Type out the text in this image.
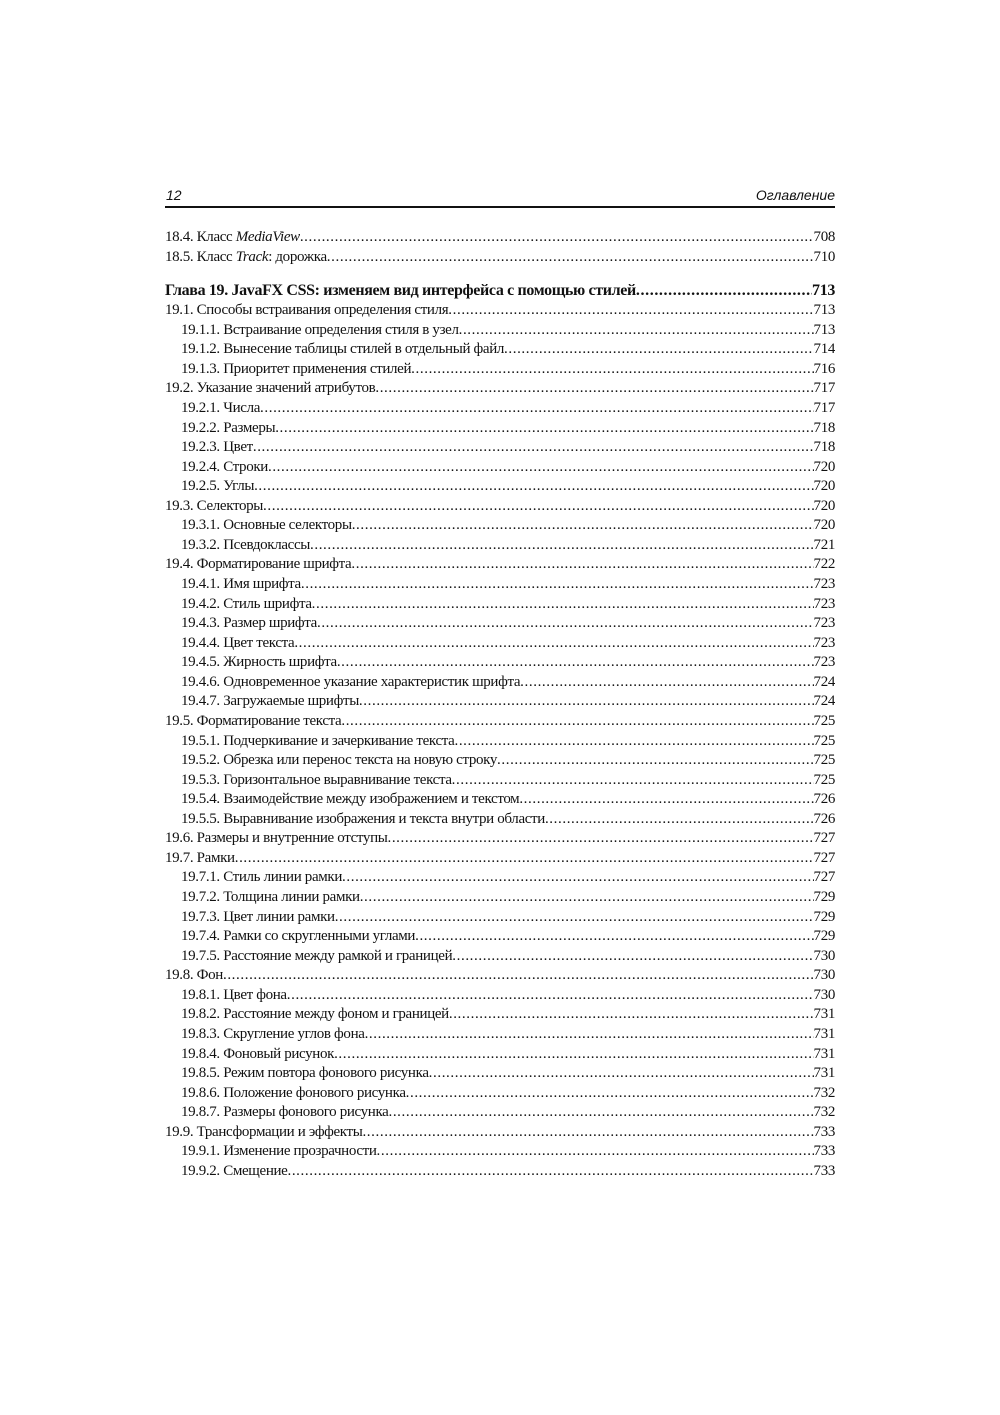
12	Оглавление
18.4. Класс MediaView .....	708
18.5. Класс Track: дорожка .....	710
Глава 19. JavaFX CSS: изменяем вид интерфейса с помощью стилей .....	713
19.1. Способы встраивания определения стиля .....	713
19.1.1. Встраивание определения стиля в узел .....	713
19.1.2. Вынесение таблицы стилей в отдельный файл .....	714
19.1.3. Приоритет применения стилей .....	716
19.2. Указание значений атрибутов .....	717
19.2.1. Числа .....	717
19.2.2. Размеры .....	718
19.2.3. Цвет .....	718
19.2.4. Строки .....	720
19.2.5. Углы .....	720
19.3. Селекторы .....	720
19.3.1. Основные селекторы .....	720
19.3.2. Псевдоклассы .....	721
19.4. Форматирование шрифта .....	722
19.4.1. Имя шрифта .....	723
19.4.2. Стиль шрифта .....	723
19.4.3. Размер шрифта .....	723
19.4.4. Цвет текста .....	723
19.4.5. Жирность шрифта .....	723
19.4.6. Одновременное указание характеристик шрифта .....	724
19.4.7. Загружаемые шрифты .....	724
19.5. Форматирование текста .....	725
19.5.1. Подчеркивание и зачеркивание текста .....	725
19.5.2. Обрезка или перенос текста на новую строку .....	725
19.5.3. Горизонтальное выравнивание текста .....	725
19.5.4. Взаимодействие между изображением и текстом .....	726
19.5.5. Выравнивание изображения и текста внутри области .....	726
19.6. Размеры и внутренние отступы .....	727
19.7. Рамки .....	727
19.7.1. Стиль линии рамки .....	727
19.7.2. Толщина линии рамки .....	729
19.7.3. Цвет линии рамки .....	729
19.7.4. Рамки со скругленными углами .....	729
19.7.5. Расстояние между рамкой и границей .....	730
19.8. Фон .....	730
19.8.1. Цвет фона .....	730
19.8.2. Расстояние между фоном и границей .....	731
19.8.3. Скругление углов фона .....	731
19.8.4. Фоновый рисунок .....	731
19.8.5. Режим повтора фонового рисунка .....	731
19.8.6. Положение фонового рисунка .....	732
19.8.7. Размеры фонового рисунка .....	732
19.9. Трансформации и эффекты .....	733
19.9.1. Изменение прозрачности .....	733
19.9.2. Смещение .....	733
